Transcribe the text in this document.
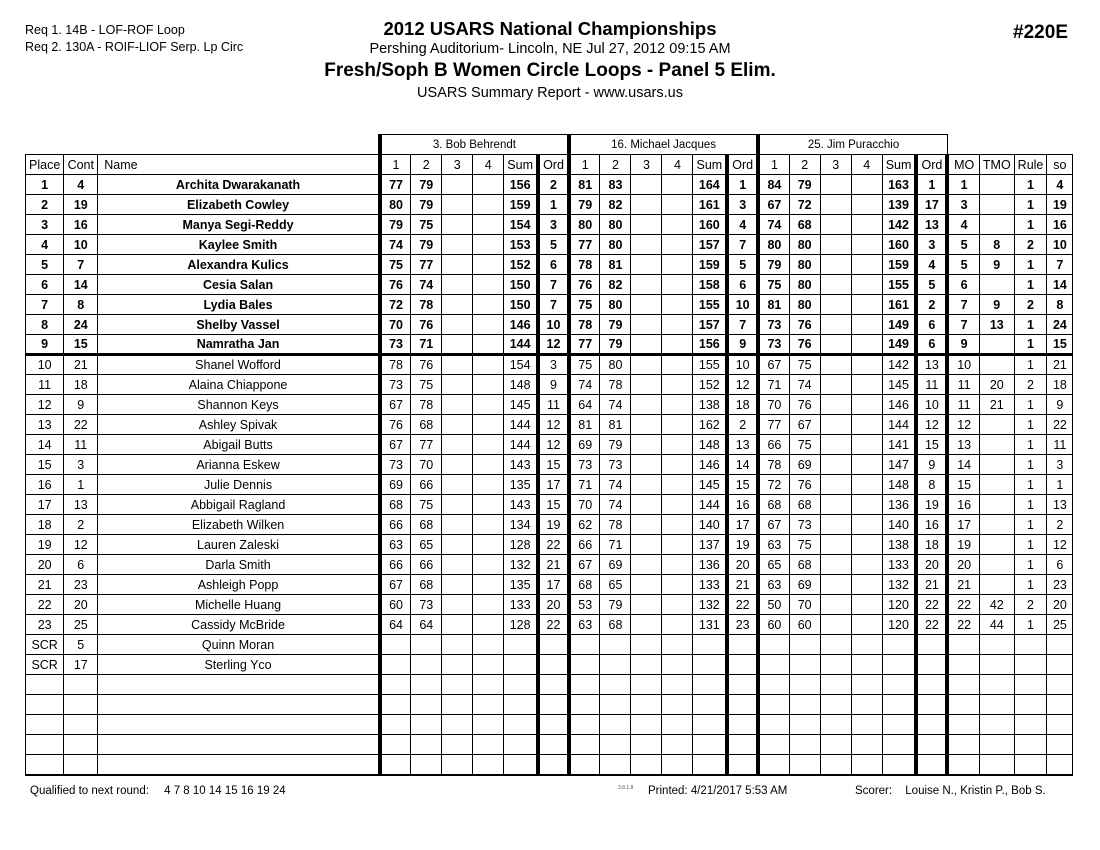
Req 1. 14B - LOF-ROF Loop
Req 2. 130A - ROIF-LIOF Serp. Lp Circ
2012 USARS National Championships
Pershing Auditorium- Lincoln, NE Jul 27, 2012 09:15 AM
Fresh/Soph B Women Circle Loops - Panel 5 Elim.
USARS Summary Report - www.usars.us
#220E
			3. Bob Behrendt						16. Michael Jacques						25. Jim Puracchio									
Place	Cont	Name	1	2	3	4	Sum	Ord	1	2	3	4	Sum	Ord	1	2	3	4	Sum	Ord	MO	TMO	Rule	so
1	4	Archita Dwarakanath	77	79			156	2	81	83			164	1	84	79			163	1	1		1	4
2	19	Elizabeth Cowley	80	79			159	1	79	82			161	3	67	72			139	17	3		1	19
3	16	Manya Segi-Reddy	79	75			154	3	80	80			160	4	74	68			142	13	4		1	16
4	10	Kaylee Smith	74	79			153	5	77	80			157	7	80	80			160	3	5	8	2	10
5	7	Alexandra Kulics	75	77			152	6	78	81			159	5	79	80			159	4	5	9	1	7
6	14	Cesia Salan	76	74			150	7	76	82			158	6	75	80			155	5	6		1	14
7	8	Lydia Bales	72	78			150	7	75	80			155	10	81	80			161	2	7	9	2	8
8	24	Shelby Vassel	70	76			146	10	78	79			157	7	73	76			149	6	7	13	1	24
9	15	Namratha Jan	73	71			144	12	77	79			156	9	73	76			149	6	9		1	15
10	21	Shanel Wofford	78	76			154	3	75	80			155	10	67	75			142	13	10		1	21
11	18	Alaina Chiappone	73	75			148	9	74	78			152	12	71	74			145	11	11	20	2	18
12	9	Shannon Keys	67	78			145	11	64	74			138	18	70	76			146	10	11	21	1	9
13	22	Ashley Spivak	76	68			144	12	81	81			162	2	77	67			144	12	12		1	22
14	11	Abigail Butts	67	77			144	12	69	79			148	13	66	75			141	15	13		1	11
15	3	Arianna Eskew	73	70			143	15	73	73			146	14	78	69			147	9	14		1	3
16	1	Julie Dennis	69	66			135	17	71	74			145	15	72	76			148	8	15		1	1
17	13	Abbigail Ragland	68	75			143	15	70	74			144	16	68	68			136	19	16		1	13
18	2	Elizabeth Wilken	66	68			134	19	62	78			140	17	67	73			140	16	17		1	2
19	12	Lauren Zaleski	63	65			128	22	66	71			137	19	63	75			138	18	19		1	12
20	6	Darla Smith	66	66			132	21	67	69			136	20	65	68			133	20	20		1	6
21	23	Ashleigh Popp	67	68			135	17	68	65			133	21	63	69			132	21	21		1	23
22	20	Michelle Huang	60	73			133	20	53	79			132	22	50	70			120	22	22	42	2	20
23	25	Cassidy McBride	64	64			128	22	63	68			131	23	60	60			120	22	22	44	1	25
SCR	5	Quinn Moran																						
SCR	17	Sterling Yco																						

Qualified to next round: 4 7 8 10 14 15 16 19 24	3.8.1.8 Printed: 4/21/2017 5:53 AM	Scorer: Louise N., Kristin P., Bob S.
